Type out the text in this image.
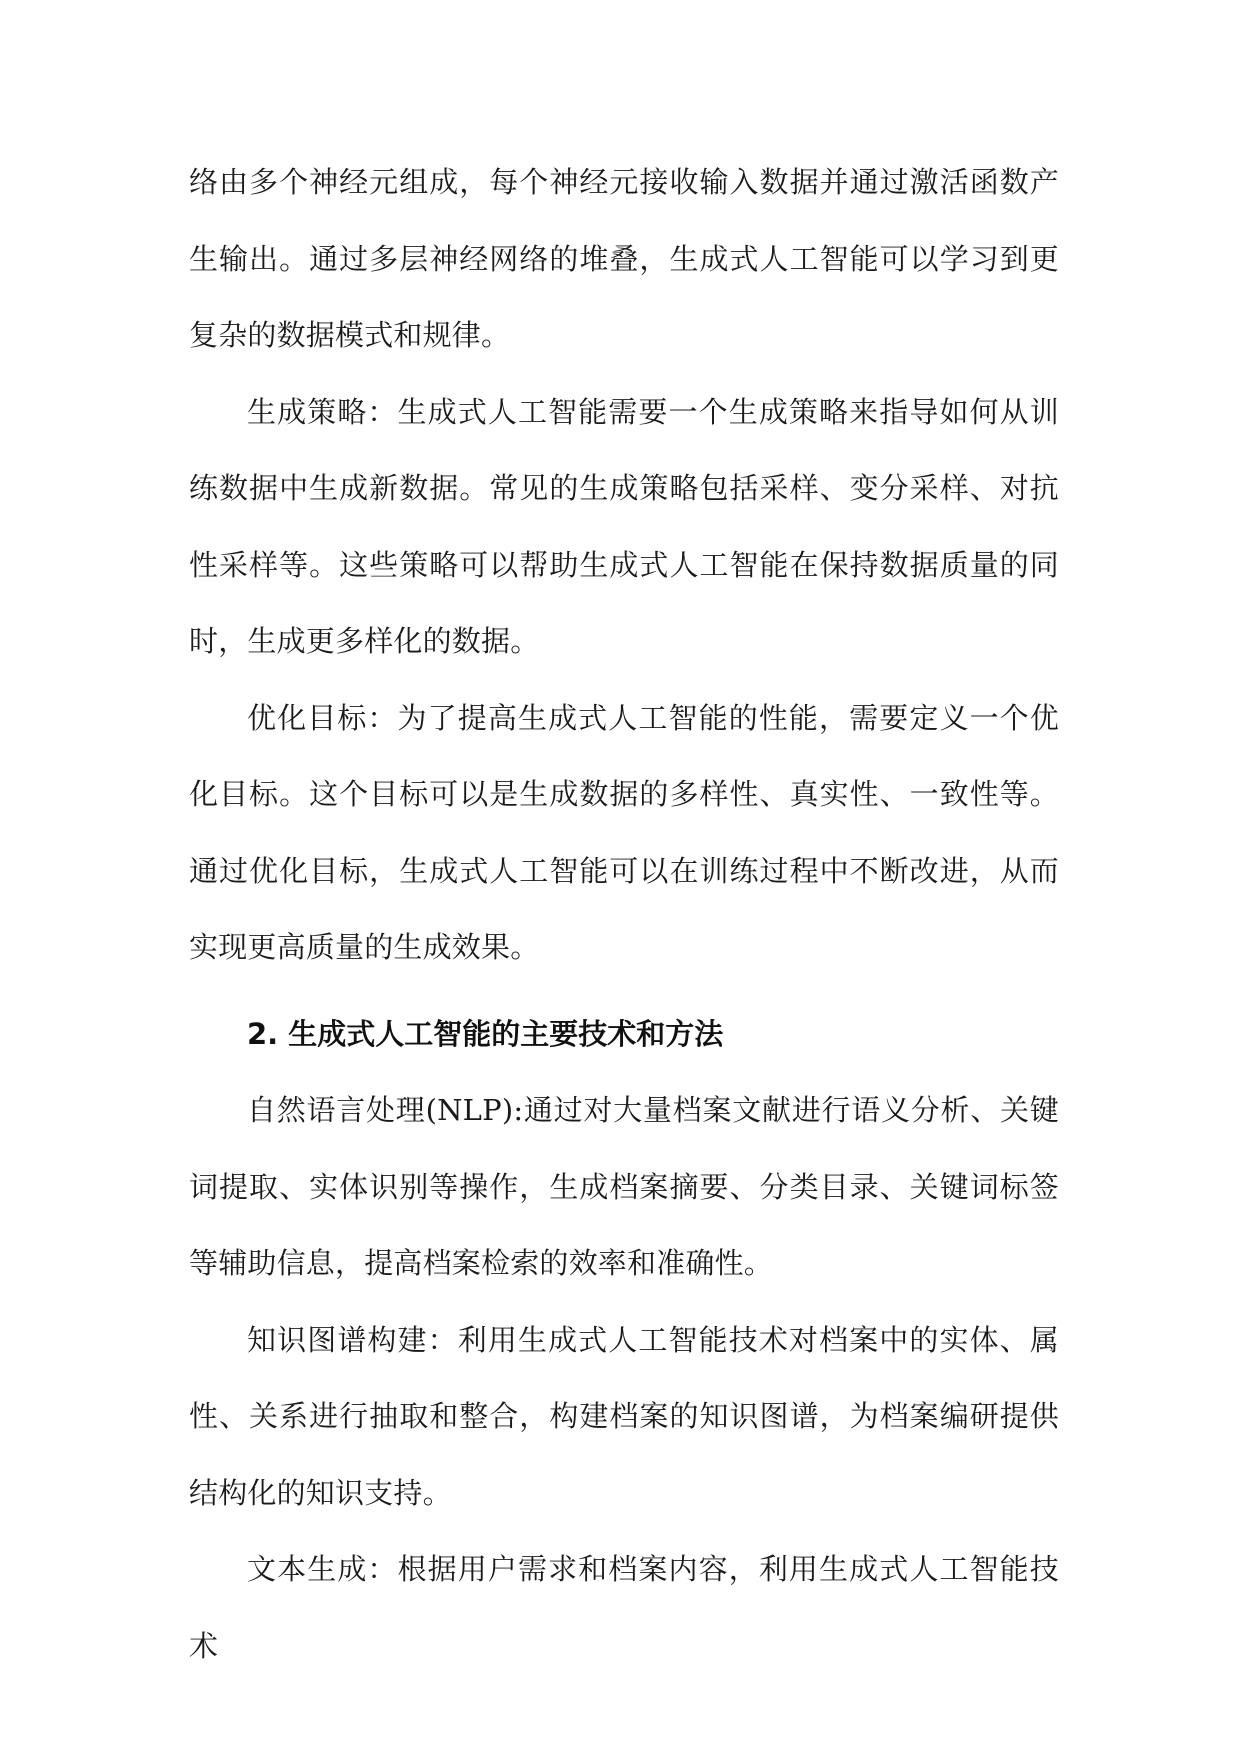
络由多个神经元组成，每个神经元接收输入数据并通过激活函数产生输出。通过多层神经网络的堆叠，生成式人工智能可以学习到更复杂的数据模式和规律。

生成策略：生成式人工智能需要一个生成策略来指导如何从训练数据中生成新数据。常见的生成策略包括采样、变分采样、对抗性采样等。这些策略可以帮助生成式人工智能在保持数据质量的同时，生成更多样化的数据。

优化目标：为了提高生成式人工智能的性能，需要定义一个优化目标。这个目标可以是生成数据的多样性、真实性、一致性等。通过优化目标，生成式人工智能可以在训练过程中不断改进，从而实现更高质量的生成效果。

2. 生成式人工智能的主要技术和方法

自然语言处理(NLP):通过对大量档案文献进行语义分析、关键词提取、实体识别等操作，生成档案摘要、分类目录、关键词标签等辅助信息，提高档案检索的效率和准确性。

知识图谱构建：利用生成式人工智能技术对档案中的实体、属性、关系进行抽取和整合，构建档案的知识图谱，为档案编研提供结构化的知识支持。

文本生成：根据用户需求和档案内容，利用生成式人工智能技术
